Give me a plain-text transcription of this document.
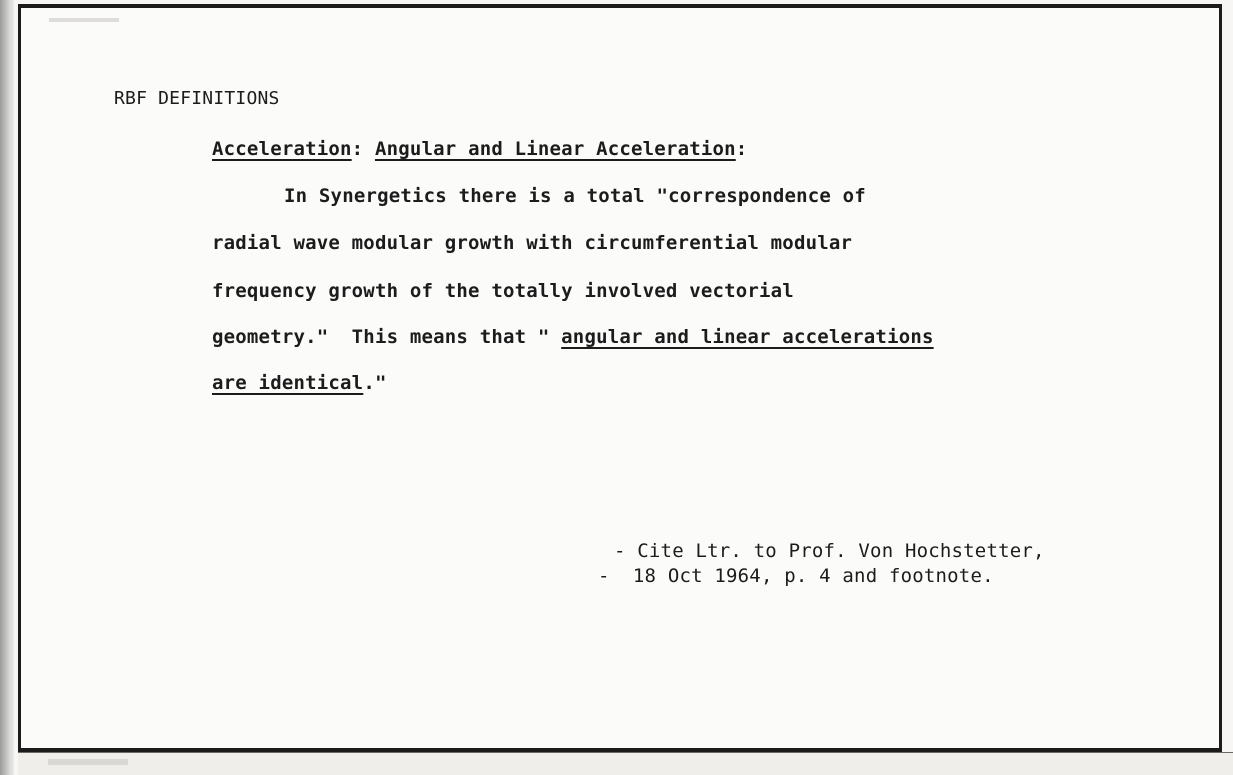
RBF DEFINITIONS
Acceleration: Angular and Linear Acceleration:
In Synergetics there is a total "correspondence of
radial wave modular growth with circumferential modular
frequency growth of the totally involved vectorial
geometry."  This means that " angular and linear accelerations
are identical."
- Cite Ltr. to Prof. Von Hochstetter,
-  18 Oct 1964, p. 4 and footnote.
